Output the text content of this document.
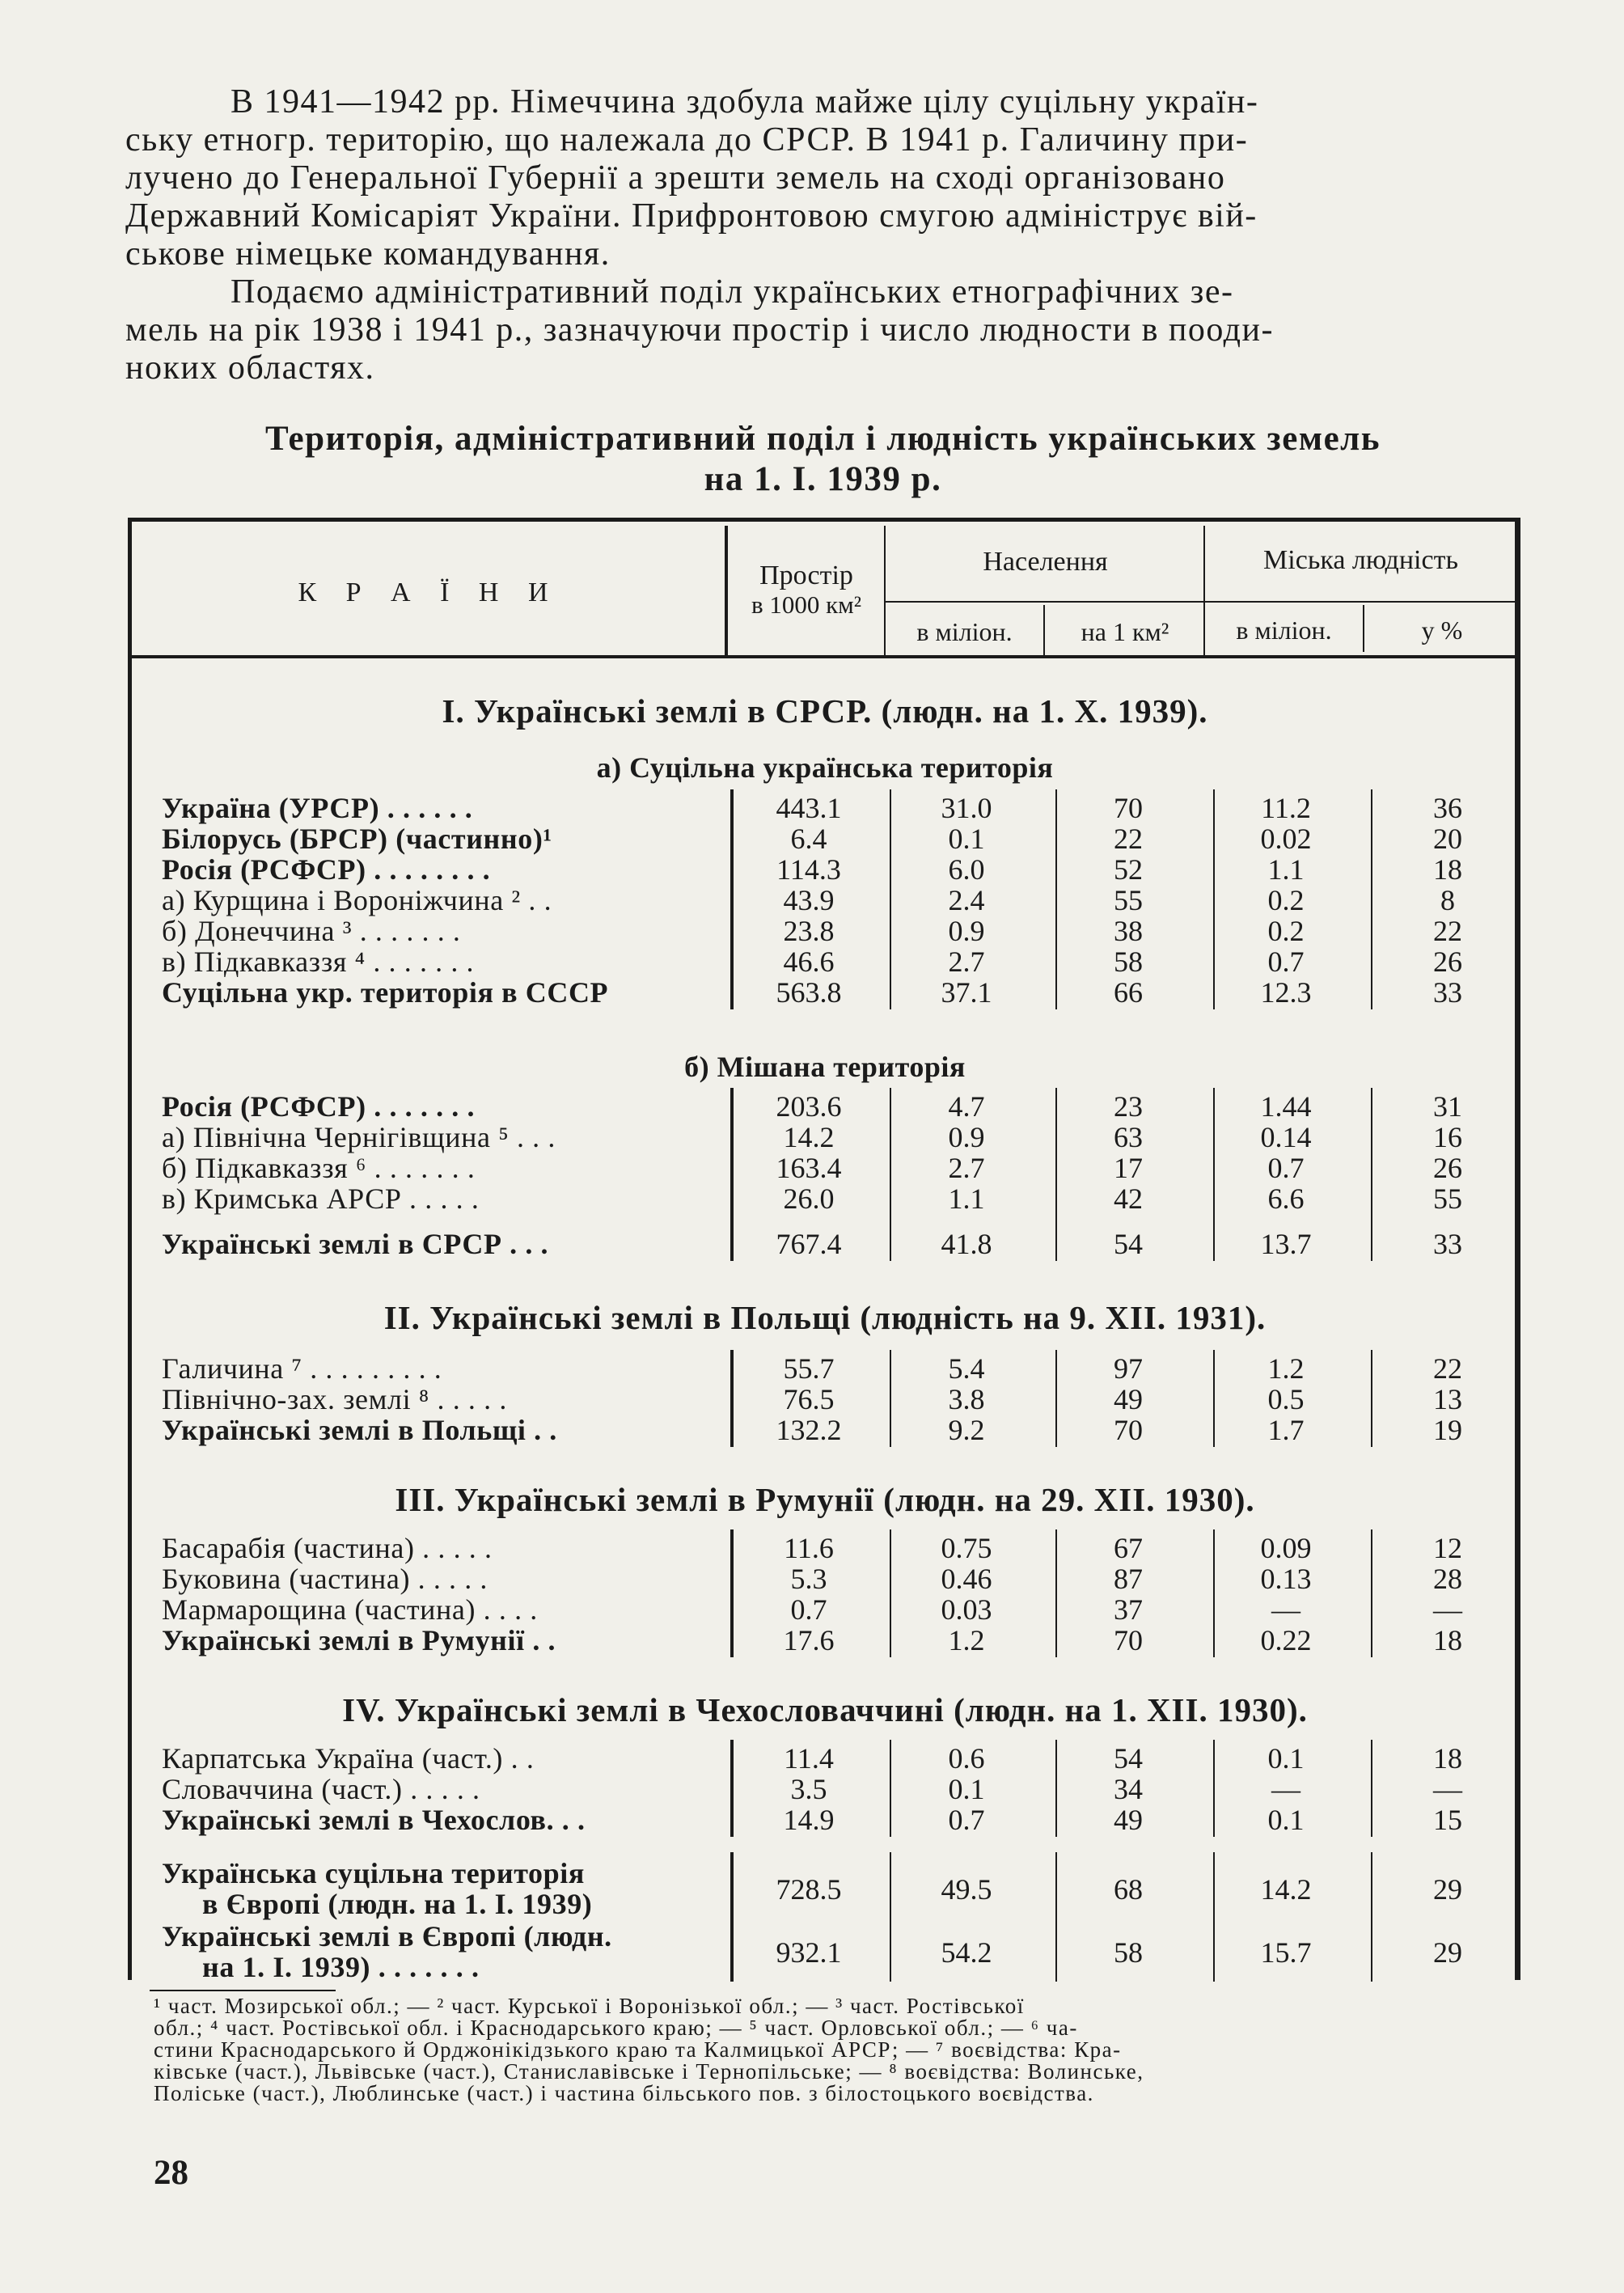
В 1941—1942 рр. Німеччина здобула майже цілу суцільну україн-
ську етногр. територію, що належала до СРСР. В 1941 р. Галичину при-
лучено до Генеральної Губернії а зрешти земель на сході організовано
Державний Комісаріят України. Прифронтовою смугою адмініструє вій-
ськове німецьке командування.
Подаємо адміністративний поділ українських етнографічних зе-
мель на рік 1938 і 1941 р., зазначуючи простір і число людности в пооди-
ноких областях.
Територія, адміністративний поділ і людність українських земель
на 1. І. 1939 р.
К Р А Ї Н И
Простір
в 1000 км²
Населення	Міська людність
в міліон.	на 1 км²	в міліон.	у %
I. Українські землі в СРСР. (людн. на 1. X. 1939).
а) Суцільна українська територія
Україна (УРСР) . . . . . .	443.1	31.0	70	11.2	36
Білорусь (БРСР) (частинно)¹	6.4	0.1	22	0.02	20
Росія (РСФСР) . . . . . . . .	114.3	6.0	52	1.1	18
а) Курщина і Вороніжчина ² . .	43.9	2.4	55	0.2	8
б) Донеччина ³ . . . . . . .	23.8	0.9	38	0.2	22
в) Підкавказзя ⁴ . . . . . . .	46.6	2.7	58	0.7	26
Суцільна укр. територія в СССР	563.8	37.1	66	12.3	33
б) Мішана територія
Росія (РСФСР) . . . . . . .	203.6	4.7	23	1.44	31
а) Північна Чернігівщина ⁵ . . .	14.2	0.9	63	0.14	16
б) Підкавказзя ⁶ . . . . . . .	163.4	2.7	17	0.7	26
в) Кримська АРСР . . . . .	26.0	1.1	42	6.6	55
Українські землі в СРСР . . .	767.4	41.8	54	13.7	33
II. Українські землі в Польщі (людність на 9. XII. 1931).
Галичина ⁷ . . . . . . . . .	55.7	5.4	97	1.2	22
Північно-зах. землі ⁸ . . . . .	76.5	3.8	49	0.5	13
Українські землі в Польщі . .	132.2	9.2	70	1.7	19
III. Українські землі в Румунії (людн. на 29. XII. 1930).
Басарабія (частина) . . . . .	11.6	0.75	67	0.09	12
Буковина (частина) . . . . .	5.3	0.46	87	0.13	28
Мармарощина (частина) . . . .	0.7	0.03	37	—	—
Українські землі в Румунії . .	17.6	1.2	70	0.22	18
IV. Українські землі в Чехословаччині (людн. на 1. XII. 1930).
Карпатська Україна (част.) . .	11.4	0.6	54	0.1	18
Словаччина (част.) . . . . .	3.5	0.1	34	—	—
Українські землі в Чехослов. . .	14.9	0.7	49	0.1	15
Українська суцільна територія
в Європі (людн. на 1. І. 1939)	728.5	49.5	68	14.2	29
Українські землі в Європі (людн.
на 1. І. 1939) . . . . . . .	932.1	54.2	58	15.7	29
¹ част. Мозирської обл.; — ² част. Курської і Воронізької обл.; — ³ част. Ростівської
обл.; ⁴ част. Ростівської обл. і Краснодарського краю; — ⁵ част. Орловської обл.; — ⁶ ча-
стини Краснодарського й Орджонікідзького краю та Калмицької АРСР; — ⁷ воєвідства: Кра-
ківське (част.), Львівське (част.), Станиславівське і Тернопільське; — ⁸ воєвідства: Волинське,
Поліське (част.), Люблинське (част.) і частина більського пов. з білостоцького воєвідства.
28
